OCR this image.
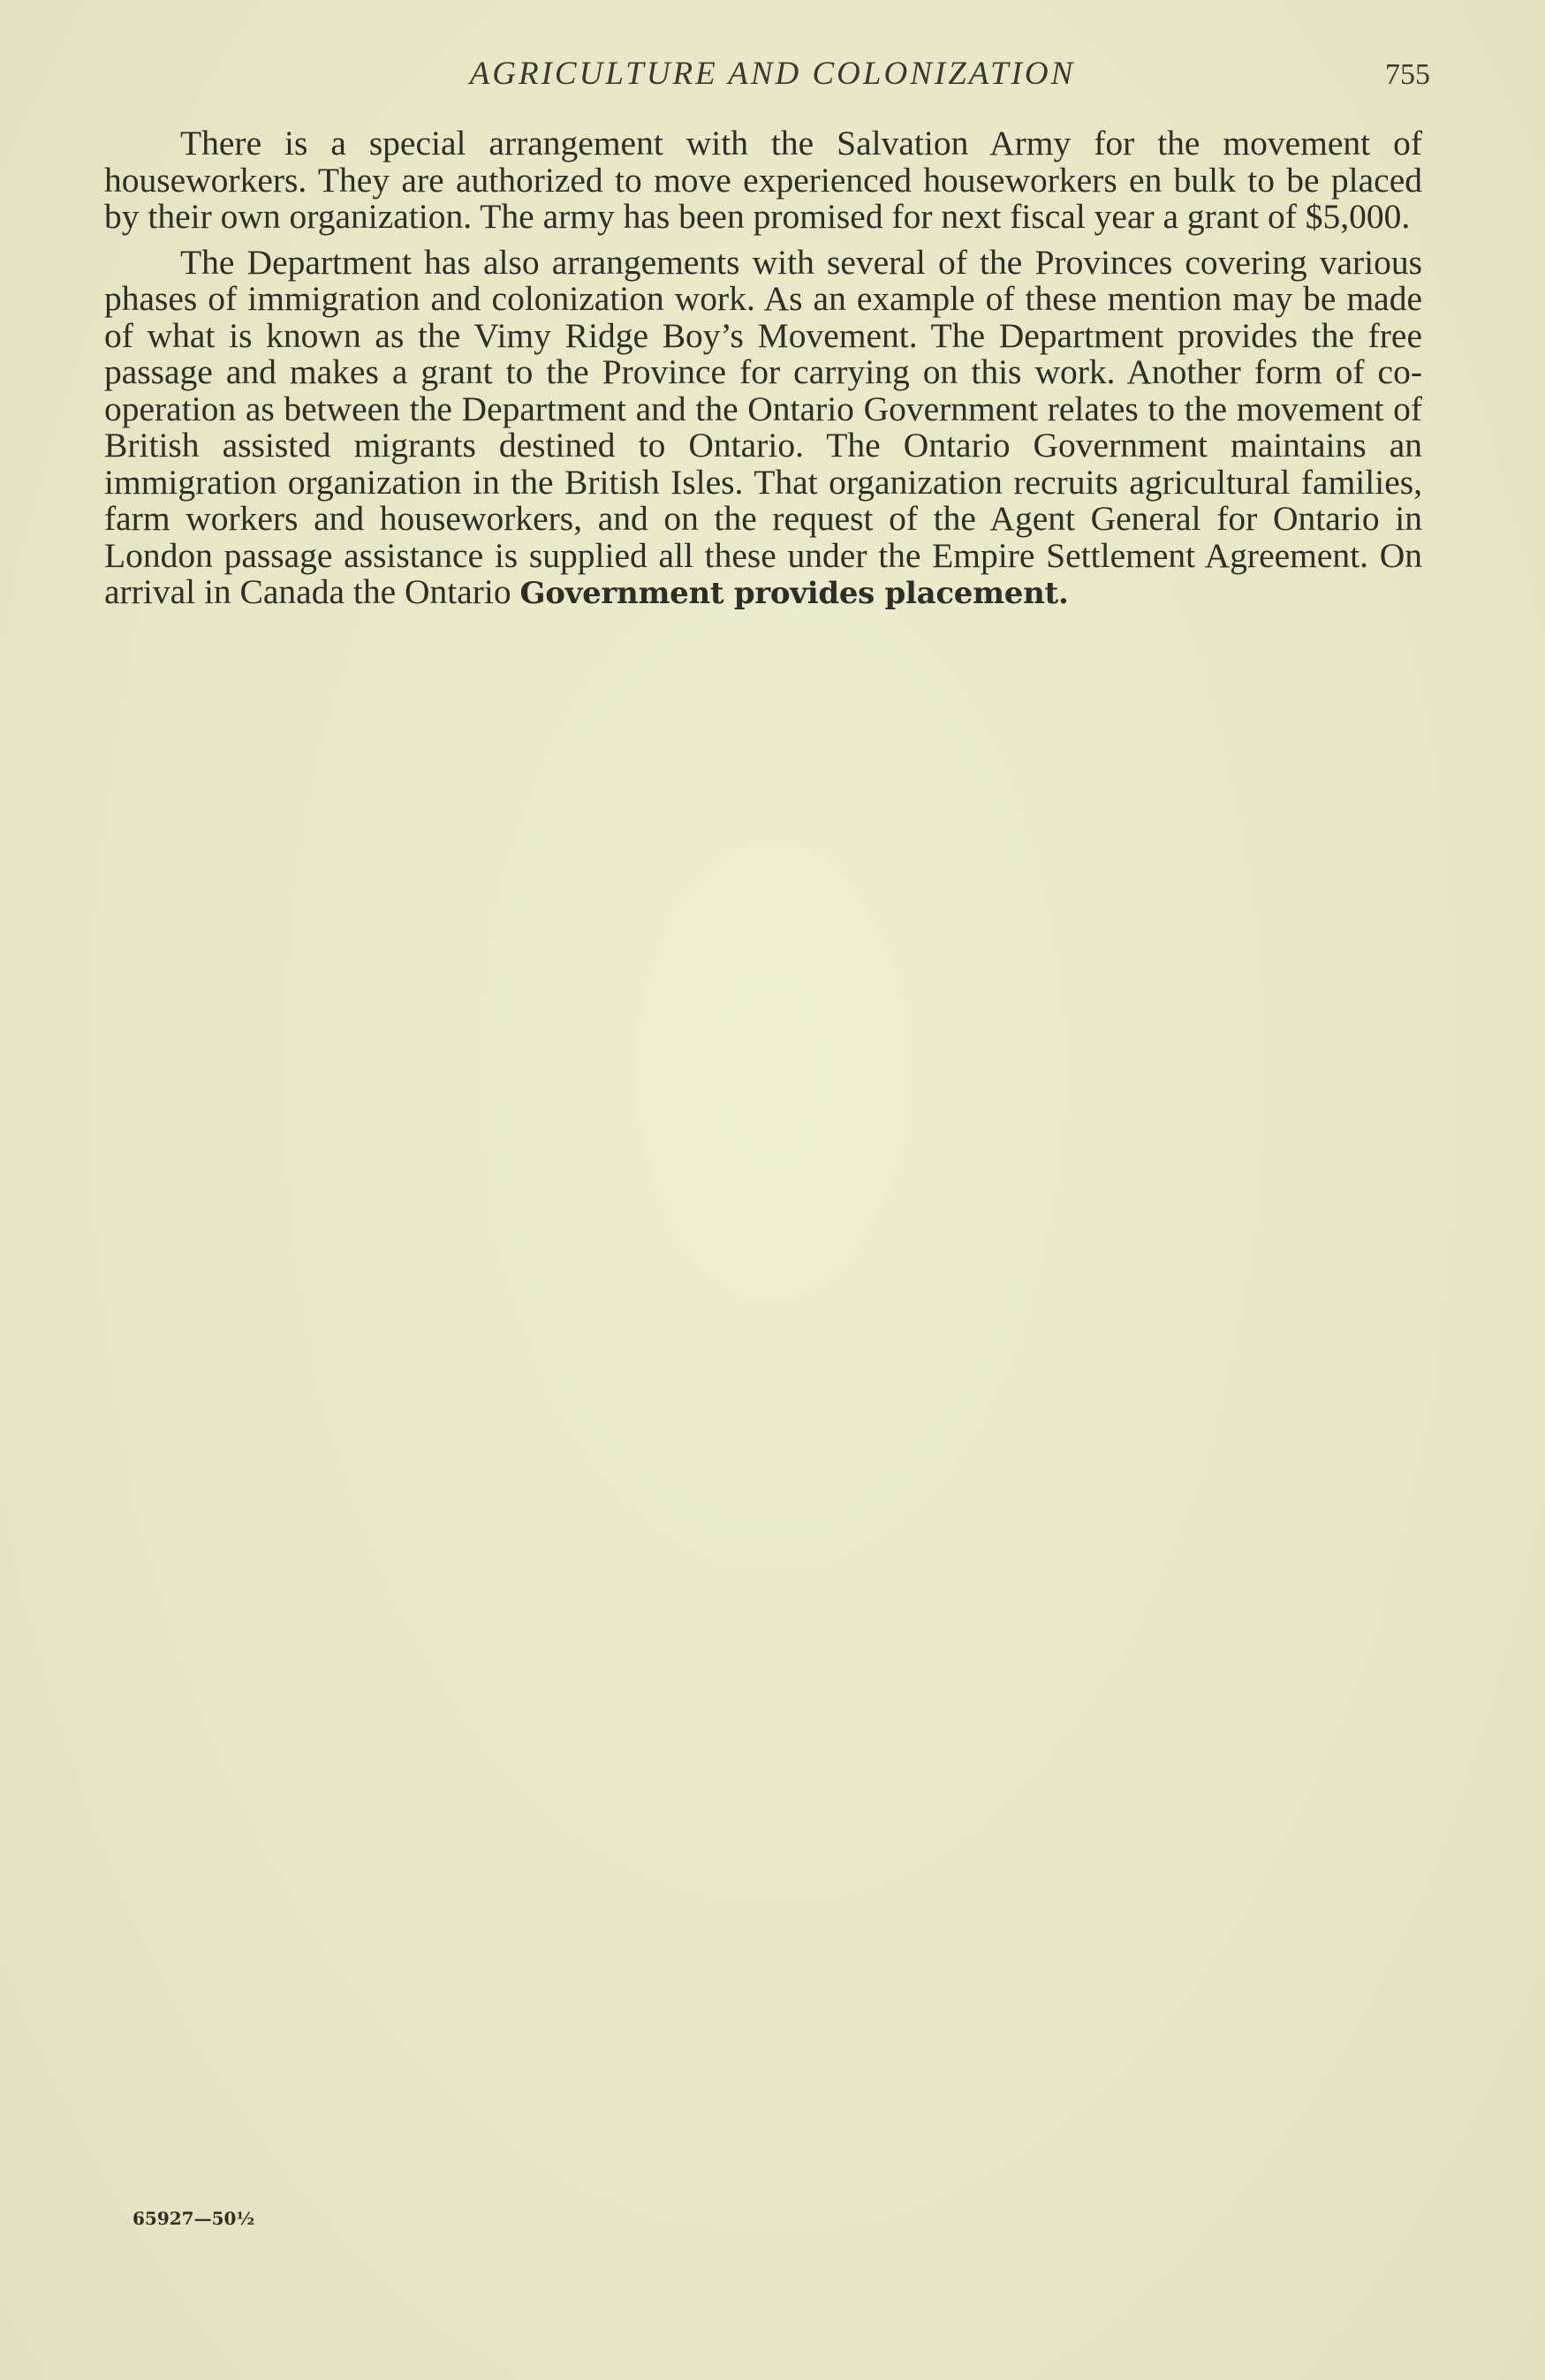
AGRICULTURE AND COLONIZATION	755

There is a special arrangement with the Salvation Army for the movement of houseworkers. They are authorized to move experienced houseworkers en bulk to be placed by their own organization. The army has been promised for next fiscal year a grant of $5,000.

The Department has also arrangements with several of the Provinces covering various phases of immigration and colonization work. As an example of these mention may be made of what is known as the Vimy Ridge Boy’s Movement. The Department provides the free passage and makes a grant to the Province for carrying on this work. Another form of co-operation as between the Department and the Ontario Government relates to the movement of British assisted migrants destined to Ontario. The Ontario Government maintains an immigration organization in the British Isles. That organization recruits agricultural families, farm workers and houseworkers, and on the request of the Agent General for Ontario in London passage assistance is supplied all these under the Empire Settlement Agreement. On arrival in Canada the Ontario Government provides placement.

65927—50½
